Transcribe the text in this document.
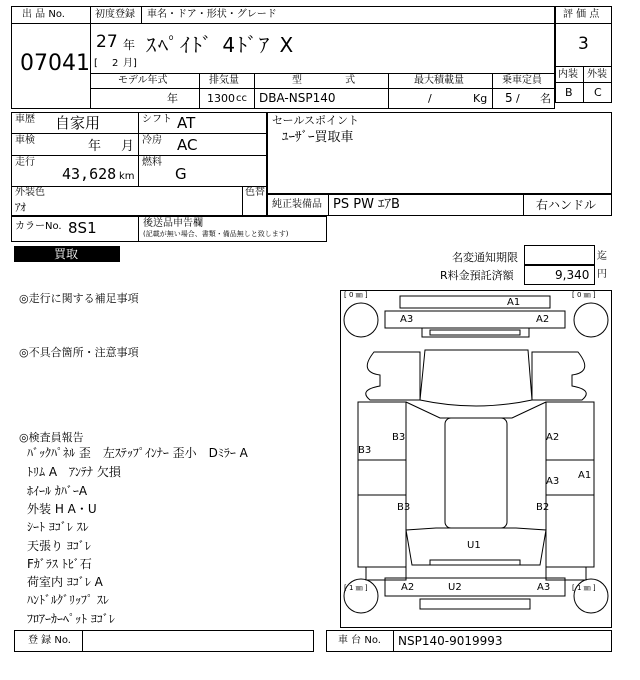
出 品 No.
07041
初度登録 車名・ドア・形状・グレード
27 年
[ 2 月]
ｽﾍﾟｲﾄﾞ 4ﾄﾞｱ X
モデル年式	排気量	型 式	最大積載量	乗車定員
年	1300 cc DBA-NSP140	/	Kg 5 / 名
評 価 点
3
内装 外装
B C
車歴 自家用	シフト AT
車検	年 月 冷房 AC
走行
43,628 km
燃料
G
外装色
ｱｵ
色替
カラーNo. 8S1	後送品申告欄
(記載が無い場合、書類・備品無しと致します)
セールスポイント
ﾕｰｻﾞｰ買取車
純正装備品 PS PW ｴｱB	右ハンドル
買取	名変通知期限	迄
R料金預託済額	9,340 円
◎走行に関する補足事項
◎不具合箇所・注意事項
◎検査員報告
ﾊﾞｯｸﾊﾟﾈﾙ 歪　左ｽﾃｯﾌﾟｲﾝﾅｰ 歪小　Dﾐﾗｰ A
ﾄﾘﾑ A　ｱﾝﾃﾅ 欠損
ﾎｲｰﾙ ｶﾊﾞｰA
外装 H A・U
ｼｰﾄ ﾖｺﾞﾚ ｽﾚ
天張り ﾖｺﾞﾚ
Fｶﾞﾗｽ ﾄﾋﾞ石
荷室内 ﾖｺﾞﾚ A
ﾊﾝﾄﾞﾙｸﾞﾘｯﾌﾟ ｽﾚ
ﾌﾛｱｰｶｰﾍﾟｯﾄ ﾖｺﾞﾚ
[ 0 ㎜ ]	[ 0 ㎜ ]
[ 1 ㎜ ]	[ 1 ㎜ ]
A1
A3	A2
B3	A2
B3
A3
A1
B3	B2
U1
A2	U2	A3
登 録 No.	車 台 No. NSP140-9019993
